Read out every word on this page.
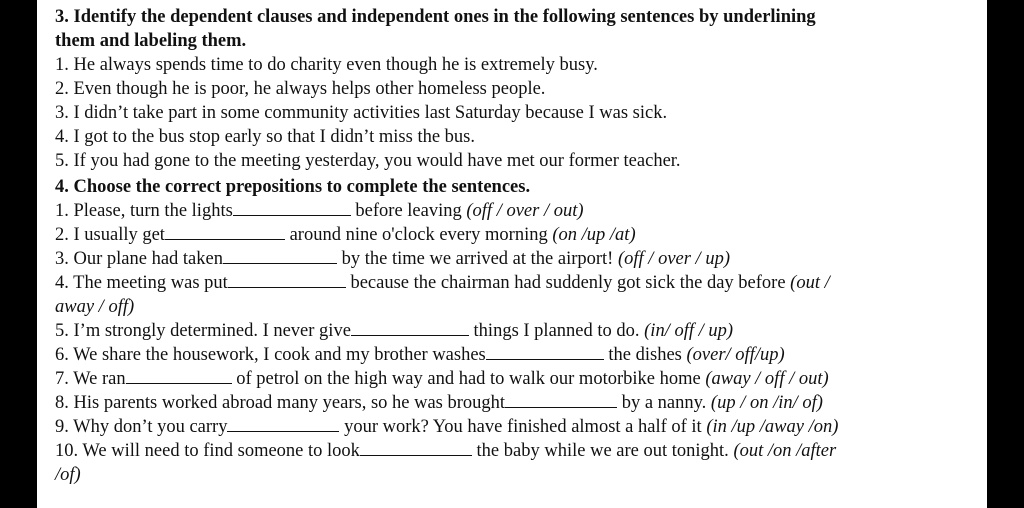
3. Identify the dependent clauses and independent ones in the following sentences by underlining
them and labeling them.
1. He always spends time to do charity even though he is extremely busy.
2. Even though he is poor, he always helps other homeless people.
3. I didn’t take part in some community activities last Saturday because I was sick.
4. I got to the bus stop early so that I didn’t miss the bus.
5. If you had gone to the meeting yesterday, you would have met our former teacher.
4. Choose the correct prepositions to complete the sentences.
1. Please, turn the lights	before leaving (off / over / out)
2. I usually get	around nine o'clock every morning (on /up /at)
3. Our plane had taken	by the time we arrived at the airport! (off / over / up)
4. The meeting was put	because the chairman had suddenly got sick the day before (out /
away / off)
5. I’m strongly determined. I never give	things I planned to do. (in/ off / up)
6. We share the housework, I cook and my brother washes	the dishes (over/ off/up)
7. We ran	of petrol on the high way and had to walk our motorbike home (away / off / out)
8. His parents worked abroad many years, so he was brought	by a nanny. (up / on /in/ of)
9. Why don’t you carry	your work? You have finished almost a half of it (in /up /away /on)
10. We will need to find someone to look	the baby while we are out tonight. (out /on /after
/of)
